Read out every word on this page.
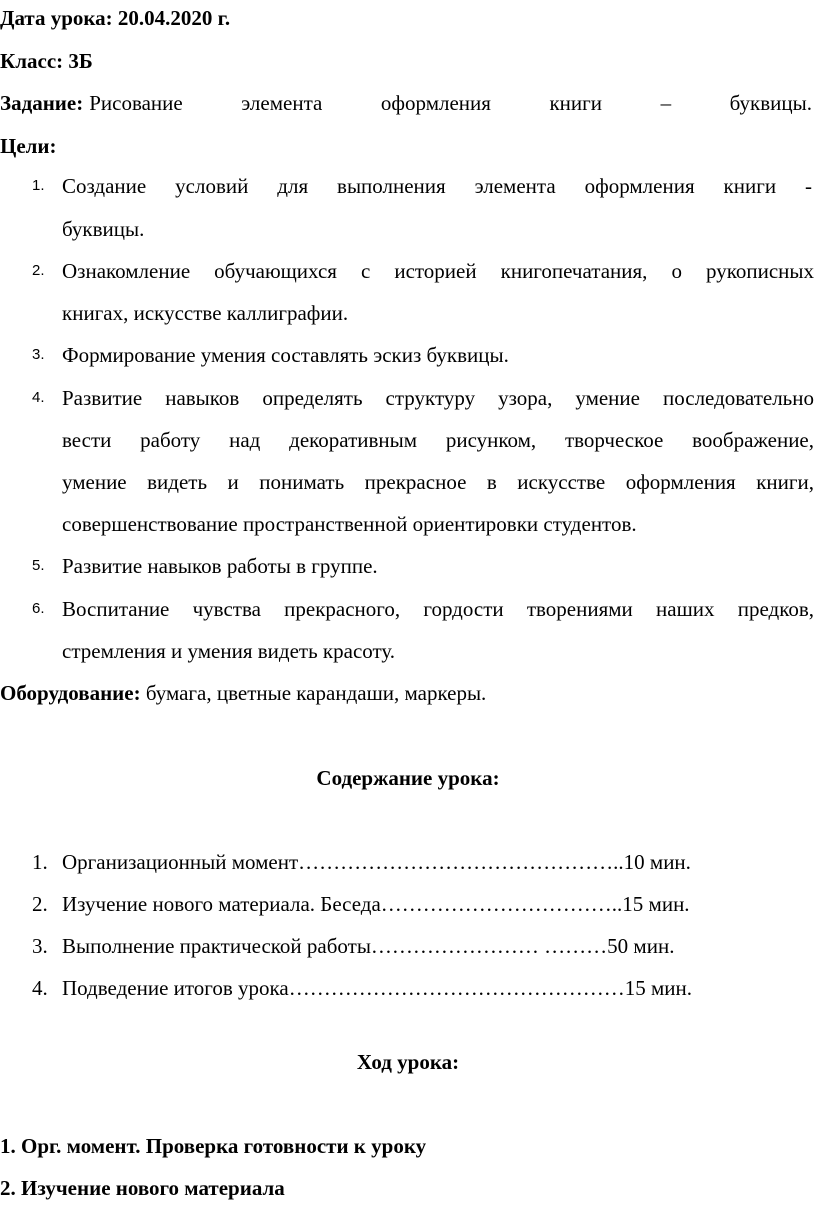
Дата урока: 20.04.2020 г.
Класс: 3Б
Задание: Рисование	элемента	оформления	книги	–	буквицы.
Цели:
1. Создание условий для выполнения элемента оформления книги -
буквицы.
2. Ознакомление обучающихся с историей книгопечатания, о рукописных
книгах, искусстве каллиграфии.
3. Формирование умения составлять эскиз буквицы.
4. Развитие навыков определять структуру узора, умение последовательно
вести работу над декоративным рисунком, творческое воображение,
умение видеть и понимать прекрасное в искусстве оформления книги,
совершенствование пространственной ориентировки студентов.
5. Развитие навыков работы в группе.
6. Воспитание чувства прекрасного, гордости творениями наших предков,
стремления и умения видеть красоту.
Оборудование: бумага, цветные карандаши, маркеры.
Содержание урока:
1. Организационный момент………………………………………..10 мин.
2. Изучение нового материала. Беседа……………………………..15 мин.
3. Выполнение практической работы…………………… ………50 мин.
4. Подведение итогов урока…………………………………………15 мин.
Ход урока:
1. Орг. момент. Проверка готовности к уроку
2. Изучение нового материала
